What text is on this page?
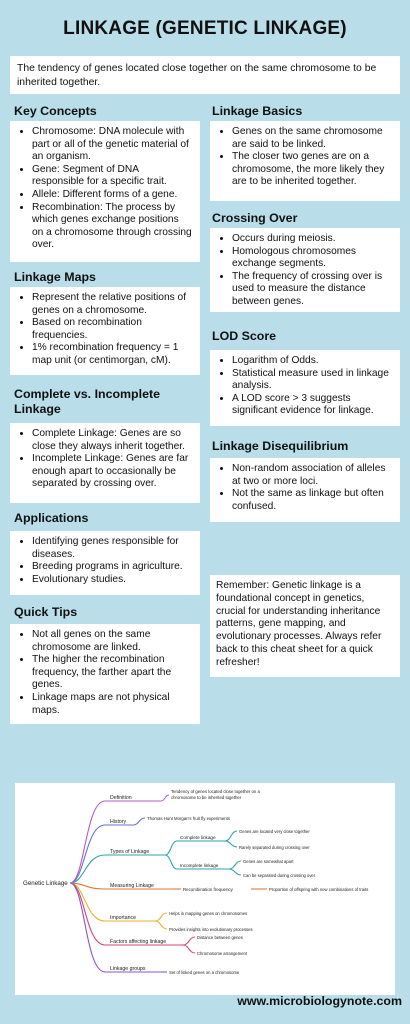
LINKAGE (GENETIC LINKAGE)
The tendency of genes located close together on the same chromosome to be inherited together.
Key Concepts
• Chromosome: DNA molecule with part or all of the genetic material of an organism.
• Gene: Segment of DNA responsible for a specific trait.
• Allele: Different forms of a gene.
• Recombination: The process by which genes exchange positions on a chromosome through crossing over.
Linkage Maps
• Represent the relative positions of genes on a chromosome.
• Based on recombination frequencies.
• 1% recombination frequency = 1 map unit (or centimorgan, cM).
Complete vs. Incomplete Linkage
• Complete Linkage: Genes are so close they always inherit together.
• Incomplete Linkage: Genes are far enough apart to occasionally be separated by crossing over.
Applications
• Identifying genes responsible for diseases.
• Breeding programs in agriculture.
• Evolutionary studies.
Quick Tips
• Not all genes on the same chromosome are linked.
• The higher the recombination frequency, the farther apart the genes.
• Linkage maps are not physical maps.
Linkage Basics
• Genes on the same chromosome are said to be linked.
• The closer two genes are on a chromosome, the more likely they are to be inherited together.
Crossing Over
• Occurs during meiosis.
• Homologous chromosomes exchange segments.
• The frequency of crossing over is used to measure the distance between genes.
LOD Score
• Logarithm of Odds.
• Statistical measure used in linkage analysis.
• A LOD score > 3 suggests significant evidence for linkage.
Linkage Disequilibrium
• Non-random association of alleles at two or more loci.
• Not the same as linkage but often confused.
Remember: Genetic linkage is a foundational concept in genetics, crucial for understanding inheritance patterns, gene mapping, and evolutionary processes. Always refer back to this cheat sheet for a quick refresher!
Genetic Linkage
Definition
Tendency of genes located close together on a
chromosome to be inherited together
History
Thomas Hunt Morgan's fruit fly experiments
Types of Linkage
Complete linkage
Genes are located very close together
Rarely separated during crossing over
Incomplete linkage
Genes are somewhat apart
Can be separated during crossing over
Measuring Linkage
Recombination frequency	Proportion of offspring with new combinations of traits
Importance
Helps in mapping genes on chromosomes
Provides insights into evolutionary processes
Factors affecting linkage
Distance between genes
Chromosome arrangement
Linkage groups
Set of linked genes on a chromosome
www.microbiologynote.com
